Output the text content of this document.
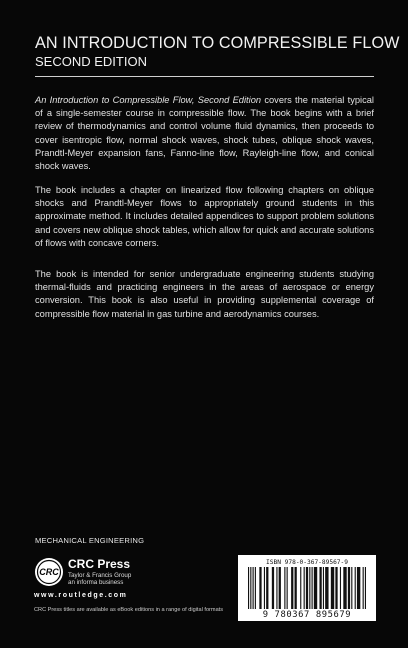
AN INTRODUCTION TO COMPRESSIBLE FLOW
SECOND EDITION

An Introduction to Compressible Flow, Second Edition covers the material typical of a single-semester course in compressible flow. The book begins with a brief review of thermodynamics and control volume fluid dynamics, then proceeds to cover isentropic flow, normal shock waves, shock tubes, oblique shock waves, Prandtl-Meyer expansion fans, Fanno-line flow, Rayleigh-line flow, and conical shock waves.

The book includes a chapter on linearized flow following chapters on oblique shocks and Prandtl-Meyer flows to appropriately ground students in this approximate method. It includes detailed appendices to support problem solutions and covers new oblique shock tables, which allow for quick and accurate solutions of flows with concave corners.

The book is intended for senior undergraduate engineering students studying thermal-fluids and practicing engineers in the areas of aerospace or energy conversion. This book is also useful in providing supplemental coverage of compressible flow material in gas turbine and aerodynamics courses.

MECHANICAL ENGINEERING
CRC
CRC Press
Taylor & Francis Group
an informa business
www.routledge.com
CRC Press titles are available as eBook editions in a range of digital formats
ISBN 978-0-367-89567-9
9 780367 895679
